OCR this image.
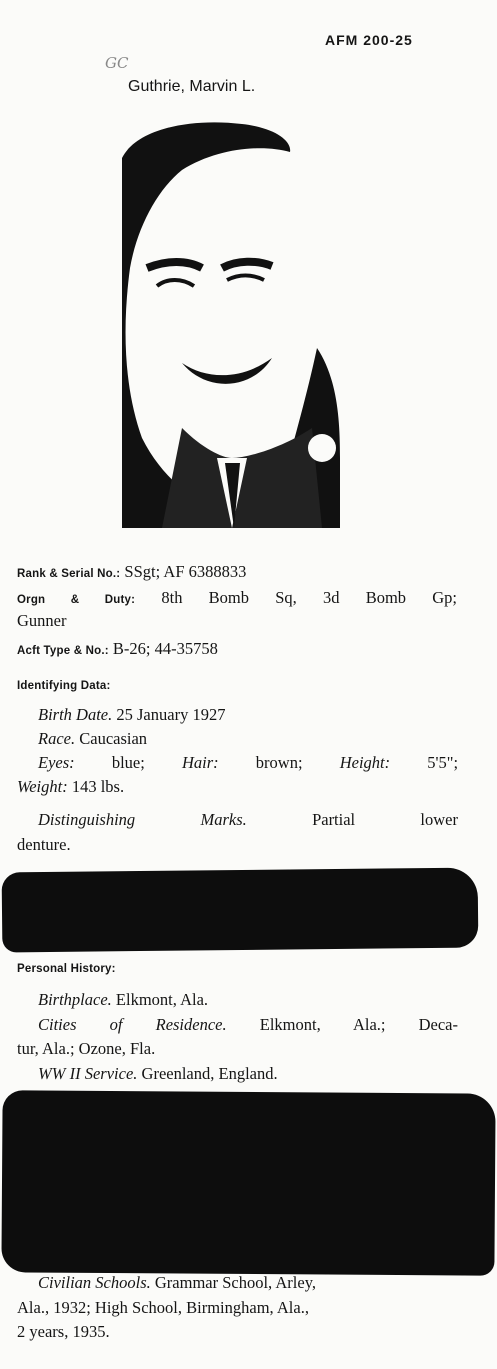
AFM 200-25
GC
Guthrie, Marvin L.
Rank & Serial No.: SSgt; AF 6388833
Orgn & Duty: 8th Bomb Sq, 3d Bomb Gp;
Gunner
Acft Type & No.: B-26; 44-35758
Identifying Data:
Birth Date. 25 January 1927
Race. Caucasian
Eyes: blue; Hair: brown; Height: 5'5";
Weight: 143 lbs.
Distinguishing Marks.	Partial lower
denture.
Personal History:
Birthplace. Elkmont, Ala.
Cities of Residence. Elkmont, Ala.; Deca-
tur, Ala.; Ozone, Fla.
WW II Service. Greenland, England.
Civilian Schools. Grammar School, Arley,
Ala., 1932; High School, Birmingham, Ala.,
2 years, 1935.
